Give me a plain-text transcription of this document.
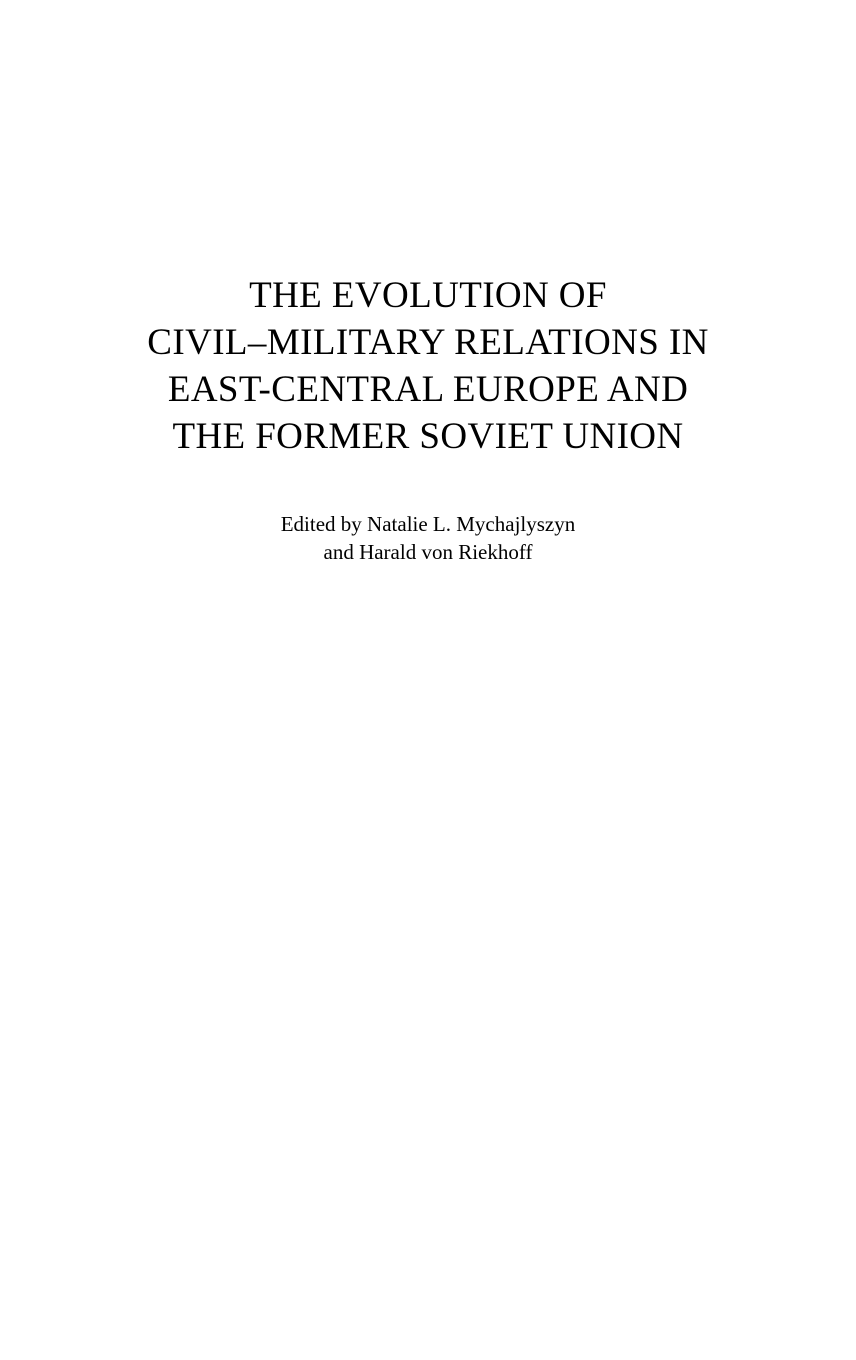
THE EVOLUTION OF
CIVIL–MILITARY RELATIONS IN
EAST-CENTRAL EUROPE AND
THE FORMER SOVIET UNION
Edited by Natalie L. Mychajlyszyn
and Harald von Riekhoff
